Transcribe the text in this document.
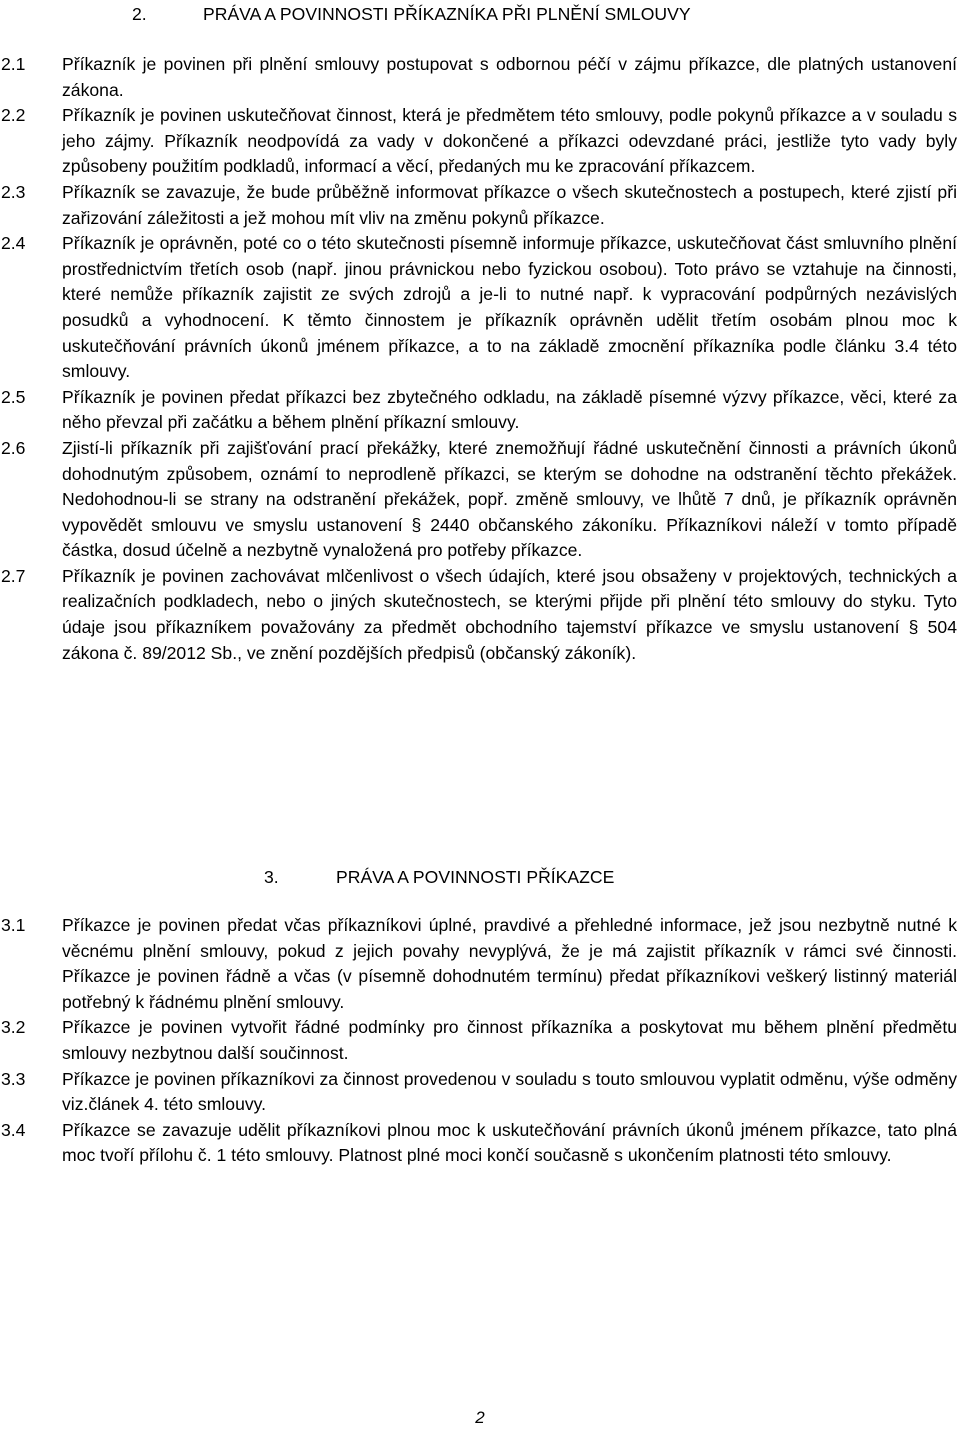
2.	PRÁVA A POVINNOSTI PŘÍKAZNÍKA PŘI PLNĚNÍ SMLOUVY
2.1	Příkazník je povinen při plnění smlouvy postupovat s odbornou péčí v zájmu příkazce, dle platných ustanovení zákona.
2.2	Příkazník je povinen uskutečňovat činnost, která je předmětem této smlouvy, podle pokynů příkazce a v souladu s jeho zájmy. Příkazník neodpovídá za vady v dokončené a příkazci odevzdané práci, jestliže tyto vady byly způsobeny použitím podkladů, informací a věcí, předaných mu ke zpracování příkazcem.
2.3	Příkazník se zavazuje, že bude průběžně informovat příkazce o všech skutečnostech a postupech, které zjistí při zařizování záležitosti a jež mohou mít vliv na změnu pokynů příkazce.
2.4	Příkazník je oprávněn, poté co o této skutečnosti písemně informuje příkazce, uskutečňovat část smluvního plnění prostřednictvím třetích osob (např. jinou právnickou nebo fyzickou osobou). Toto právo se vztahuje na činnosti, které nemůže příkazník zajistit ze svých zdrojů a je-li to nutné např. k vypracování podpůrných nezávislých posudků a vyhodnocení. K těmto činnostem je příkazník oprávněn udělit třetím osobám plnou moc k uskutečňování právních úkonů jménem příkazce, a to na základě zmocnění příkazníka podle článku 3.4 této smlouvy.
2.5	Příkazník je povinen předat příkazci bez zbytečného odkladu, na základě písemné výzvy příkazce, věci, které za něho převzal při začátku a během plnění příkazní smlouvy.
2.6	Zjistí-li příkazník při zajišťování prací překážky, které znemožňují řádné uskutečnění činnosti a právních úkonů dohodnutým způsobem, oznámí to neprodleně příkazci, se kterým se dohodne na odstranění těchto překážek. Nedohodnou-li se strany na odstranění překážek, popř. změně smlouvy, ve lhůtě 7 dnů, je příkazník oprávněn vypovědět smlouvu ve smyslu ustanovení § 2440 občanského zákoníku. Příkazníkovi náleží v tomto případě částka, dosud účelně a nezbytně vynaložená pro potřeby příkazce.
2.7	Příkazník je povinen zachovávat mlčenlivost o všech údajích, které jsou obsaženy v projektových, technických a realizačních podkladech, nebo o jiných skutečnostech, se kterými přijde při plnění této smlouvy do styku. Tyto údaje jsou příkazníkem považovány za předmět obchodního tajemství příkazce ve smyslu ustanovení § 504 zákona č. 89/2012 Sb., ve znění pozdějších předpisů (občanský zákoník).
3.	PRÁVA A POVINNOSTI PŘÍKAZCE
3.1	Příkazce je povinen předat včas příkazníkovi úplné, pravdivé a přehledné informace, jež jsou nezbytně nutné k věcnému plnění smlouvy, pokud z jejich povahy nevyplývá, že je má zajistit příkazník v rámci své činnosti. Příkazce je povinen řádně a včas (v písemně dohodnutém termínu) předat příkazníkovi veškerý listinný materiál potřebný k řádnému plnění smlouvy.
3.2	Příkazce je povinen vytvořit řádné podmínky pro činnost příkazníka a poskytovat mu během plnění předmětu smlouvy nezbytnou další součinnost.
3.3	Příkazce je povinen příkazníkovi za činnost provedenou v souladu s touto smlouvou vyplatit odměnu, výše odměny viz.článek 4. této smlouvy.
3.4	Příkazce se zavazuje udělit příkazníkovi plnou moc k uskutečňování právních úkonů jménem příkazce, tato plná moc tvoří přílohu č. 1 této smlouvy. Platnost plné moci končí současně s ukončením platnosti této smlouvy.
2
